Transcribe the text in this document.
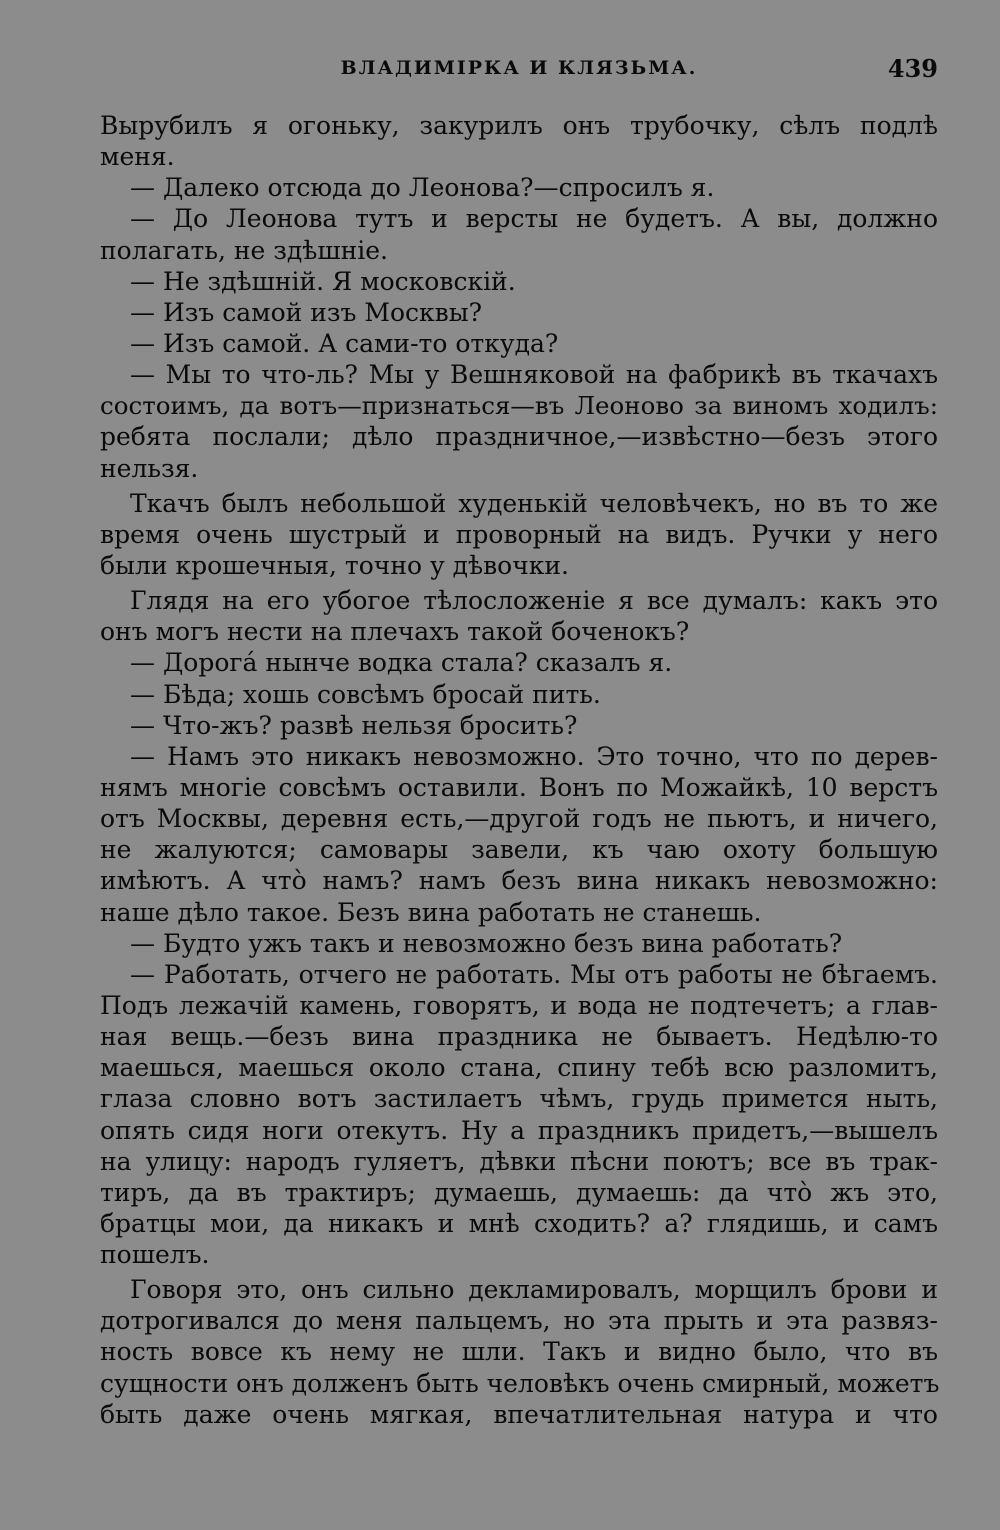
ВЛАДИМІРКА И КЛЯЗЬМА.	439
Вырубилъ я огоньку, закурилъ онъ трубочку, сѣлъ подлѣ
меня.
— Далеко отсюда до Леонова?—спросилъ я.
— До Леонова тутъ и версты не будетъ. А вы, должно
полагать, не здѣшніе.
— Не здѣшній. Я московскій.
— Изъ самой изъ Москвы?
— Изъ самой. А сами-то откуда?
— Мы то что-ль? Мы у Вешняковой на фабрикѣ въ ткачахъ
состоимъ, да вотъ—признаться—въ Леоново за виномъ ходилъ:
ребята послали; дѣло праздничное,—извѣстно—безъ этого
нельзя.
Ткачъ былъ небольшой худенькій человѣчекъ, но въ то же
время очень шустрый и проворный на видъ. Ручки у него
были крошечныя, точно у дѣвочки.
Глядя на его убогое тѣлосложеніе я все думалъ: какъ это
онъ могъ нести на плечахъ такой боченокъ?
— Дорогá нынче водка стала? сказалъ я.
— Бѣда; хошь совсѣмъ бросай пить.
— Что-жъ? развѣ нельзя бросить?
— Намъ это никакъ невозможно. Это точно, что по дерев-
нямъ многіе совсѣмъ оставили. Вонъ по Можайкѣ, 10 верстъ
отъ Москвы, деревня есть,—другой годъ не пьютъ, и ничего,
не жалуются; самовары завели, къ чаю охоту большую
имѣютъ. А что̀ намъ? намъ безъ вина никакъ невозможно:
наше дѣло такое. Безъ вина работать не станешь.
— Будто ужъ такъ и невозможно безъ вина работать?
— Работать, отчего не работать. Мы отъ работы не бѣгаемъ.
Подъ лежачій камень, говорятъ, и вода не подтечетъ; а глав-
ная вещь.—безъ вина праздника не бываетъ. Недѣлю-то
маешься, маешься около стана, спину тебѣ всю разломитъ,
глаза словно вотъ застилаетъ чѣмъ, грудь примется ныть,
опять сидя ноги отекутъ. Ну а праздникъ придетъ,—вышелъ
на улицу: народъ гуляетъ, дѣвки пѣсни поютъ; все въ трак-
тиръ, да въ трактиръ; думаешь, думаешь: да что̀ жъ это,
братцы мои, да никакъ и мнѣ сходить? а? глядишь, и самъ
пошелъ.
Говоря это, онъ сильно декламировалъ, морщилъ брови и
дотрогивался до меня пальцемъ, но эта прыть и эта развяз-
ность вовсе къ нему не шли. Такъ и видно было, что въ
сущности онъ долженъ быть человѣкъ очень смирный, можетъ
быть даже очень мягкая, впечатлительная натура и что
